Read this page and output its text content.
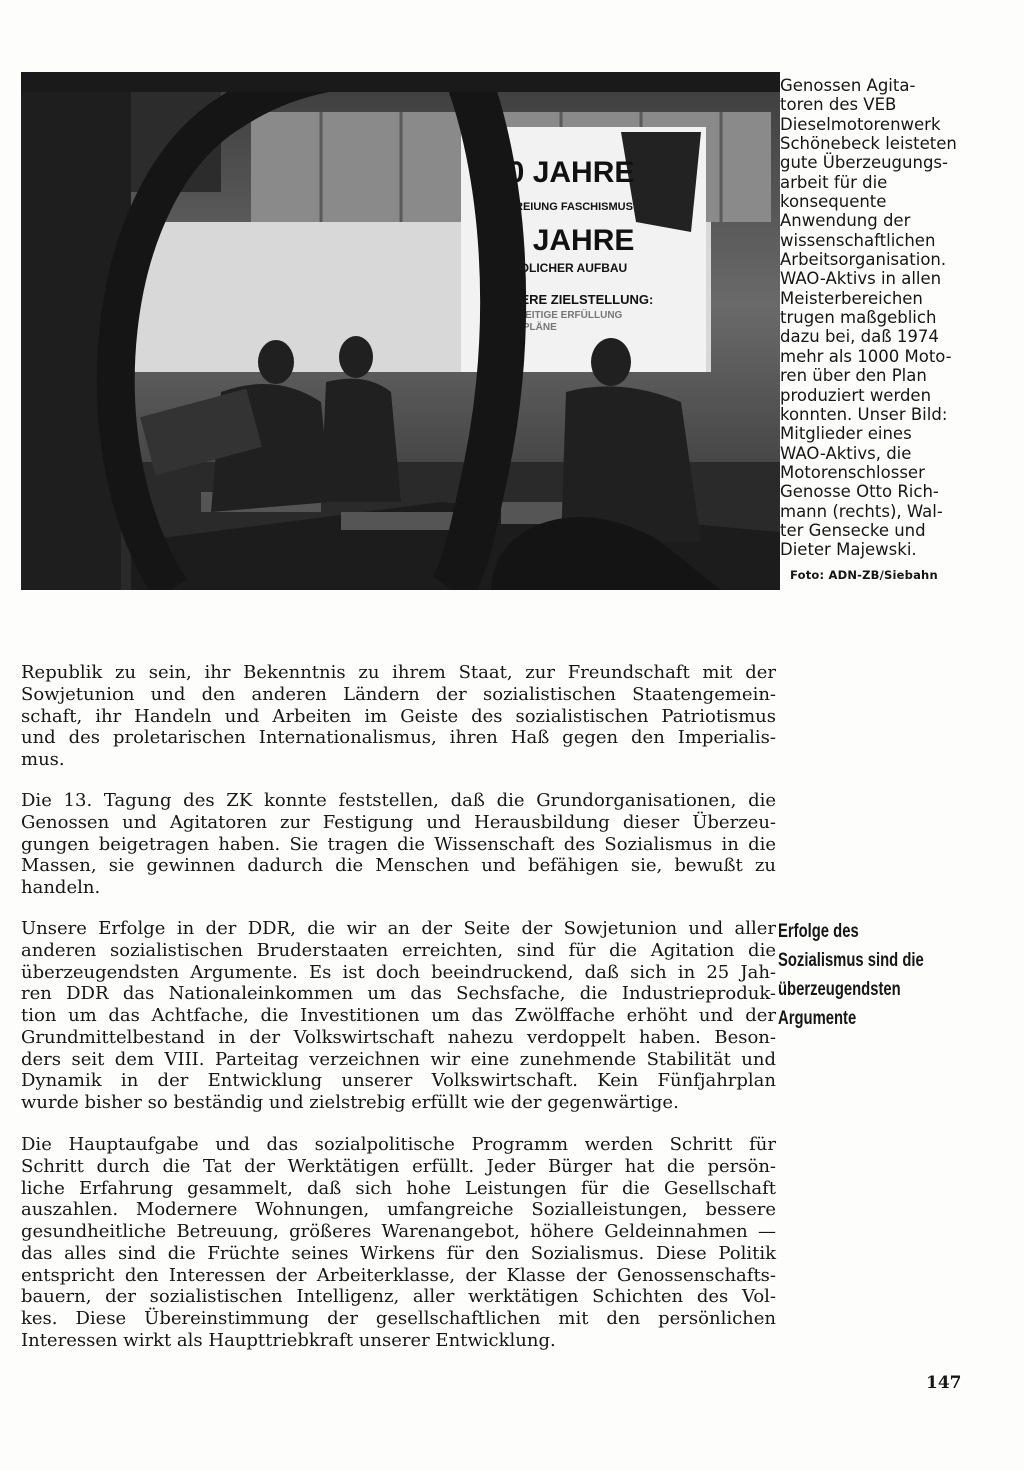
30 JAHRE
BEFREIUNG FASCHISMUS
30 JAHRE
FRIEDLICHER AUFBAU
UNSERE ZIELSTELLUNG:
ALLSEITIGE ERFÜLLUNG
DER PLÄNE
Genossen Agita-
toren des VEB
Dieselmotorenwerk
Schönebeck leisteten
gute Überzeugungs-
arbeit für die
konsequente
Anwendung der
wissenschaftlichen
Arbeitsorganisation.
WAO-Aktivs in allen
Meisterbereichen
trugen maßgeblich
dazu bei, daß 1974
mehr als 1000 Moto-
ren über den Plan
produziert werden
konnten. Unser Bild:
Mitglieder eines
WAO-Aktivs, die
Motorenschlosser
Genosse Otto Rich-
mann (rechts), Wal-
ter Gensecke und
Dieter Majewski.
Foto: ADN-ZB/Siebahn
Republik zu sein, ihr Bekenntnis zu ihrem Staat, zur Freundschaft mit der
Sowjetunion und den anderen Ländern der sozialistischen Staatengemein-
schaft, ihr Handeln und Arbeiten im Geiste des sozialistischen Patriotismus
und des proletarischen Internationalismus, ihren Haß gegen den Imperialis-
mus.
Die 13. Tagung des ZK konnte feststellen, daß die Grundorganisationen, die
Genossen und Agitatoren zur Festigung und Herausbildung dieser Überzeu-
gungen beigetragen haben. Sie tragen die Wissenschaft des Sozialismus in die
Massen, sie gewinnen dadurch die Menschen und befähigen sie, bewußt zu
handeln.
Unsere Erfolge in der DDR, die wir an der Seite der Sowjetunion und aller
anderen sozialistischen Bruderstaaten erreichten, sind für die Agitation die
überzeugendsten Argumente. Es ist doch beeindruckend, daß sich in 25 Jah-
ren DDR das Nationaleinkommen um das Sechsfache, die Industrieproduk-
tion um das Achtfache, die Investitionen um das Zwölffache erhöht und der
Grundmittelbestand in der Volkswirtschaft nahezu verdoppelt haben. Beson-
ders seit dem VIII. Parteitag verzeichnen wir eine zunehmende Stabilität und
Dynamik in der Entwicklung unserer Volkswirtschaft. Kein Fünfjahrplan
wurde bisher so beständig und zielstrebig erfüllt wie der gegenwärtige.
Die Hauptaufgabe und das sozialpolitische Programm werden Schritt für
Schritt durch die Tat der Werktätigen erfüllt. Jeder Bürger hat die persön-
liche Erfahrung gesammelt, daß sich hohe Leistungen für die Gesellschaft
auszahlen. Modernere Wohnungen, umfangreiche Sozialleistungen, bessere
gesundheitliche Betreuung, größeres Warenangebot, höhere Geldeinnahmen —
das alles sind die Früchte seines Wirkens für den Sozialismus. Diese Politik
entspricht den Interessen der Arbeiterklasse, der Klasse der Genossenschafts-
bauern, der sozialistischen Intelligenz, aller werktätigen Schichten des Vol-
kes. Diese Übereinstimmung der gesellschaftlichen mit den persönlichen
Interessen wirkt als Haupttriebkraft unserer Entwicklung.
Erfolge des
Sozialismus sind die
überzeugendsten
Argumente
147
